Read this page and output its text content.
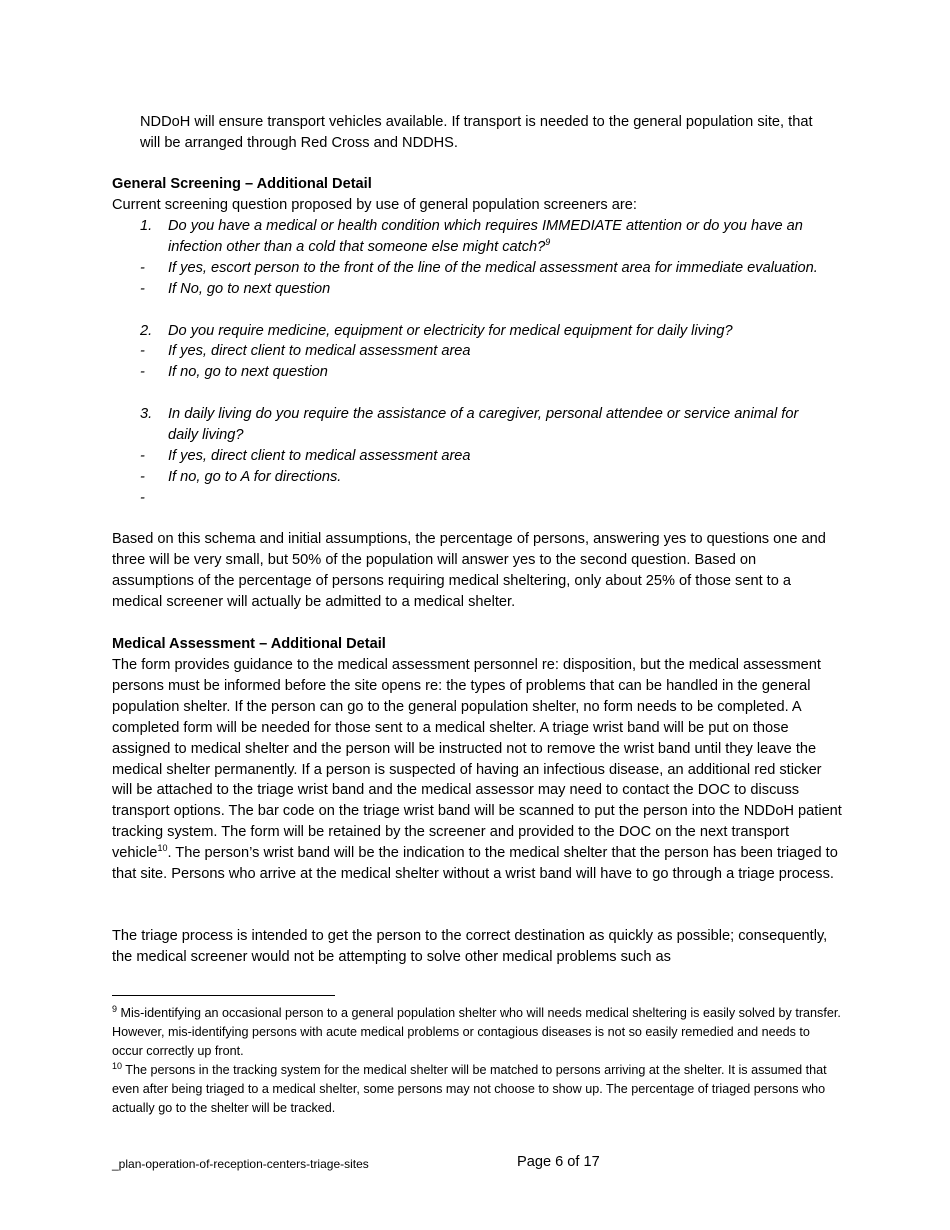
NDDoH will ensure transport vehicles available. If transport is needed to the general population site, that will be arranged through Red Cross and NDDHS.
General Screening – Additional Detail
Current screening question proposed by use of general population screeners are:
1. Do you have a medical or health condition which requires IMMEDIATE attention or do you have an infection other than a cold that someone else might catch?$^9$
- If yes, escort person to the front of the line of the medical assessment area for immediate evaluation.
- If No, go to next question
2. Do you require medicine, equipment or electricity for medical equipment for daily living?
- If yes, direct client to medical assessment area
- If no, go to next question
3. In daily living do you require the assistance of a caregiver, personal attendee or service animal for daily living?
- If yes, direct client to medical assessment area
- If no, go to A for directions.
-

Based on this schema and initial assumptions, the percentage of persons, answering yes to questions one and three will be very small, but 50% of the population will answer yes to the second question. Based on assumptions of the percentage of persons requiring medical sheltering, only about 25% of those sent to a medical screener will actually be admitted to a medical shelter.
Medical Assessment – Additional Detail
The form provides guidance to the medical assessment personnel re: disposition, but the medical assessment persons must be informed before the site opens re: the types of problems that can be handled in the general population shelter. If the person can go to the general population shelter, no form needs to be completed. A completed form will be needed for those sent to a medical shelter. A triage wrist band will be put on those assigned to medical shelter and the person will be instructed not to remove the wrist band until they leave the medical shelter permanently. If a person is suspected of having an infectious disease, an additional red sticker will be attached to the triage wrist band and the medical assessor may need to contact the DOC to discuss transport options. The bar code on the triage wrist band will be scanned to put the person into the NDDoH patient tracking system. The form will be retained by the screener and provided to the DOC on the next transport vehicle$^{10}$. The person’s wrist band will be the indication to the medical shelter that the person has been triaged to that site. Persons who arrive at the medical shelter without a wrist band will have to go through a triage process.
The triage process is intended to get the person to the correct destination as quickly as possible; consequently, the medical screener would not be attempting to solve other medical problems such as
$^9$ Mis-identifying an occasional person to a general population shelter who will needs medical sheltering is easily solved by transfer. However, mis-identifying persons with acute medical problems or contagious diseases is not so easily remedied and needs to occur correctly up front.
$^{10}$ The persons in the tracking system for the medical shelter will be matched to persons arriving at the shelter. It is assumed that even after being triaged to a medical shelter, some persons may not choose to show up. The percentage of triaged persons who actually go to the shelter will be tracked.
_plan-operation-of-reception-centers-triage-sites	Page 6 of 17
